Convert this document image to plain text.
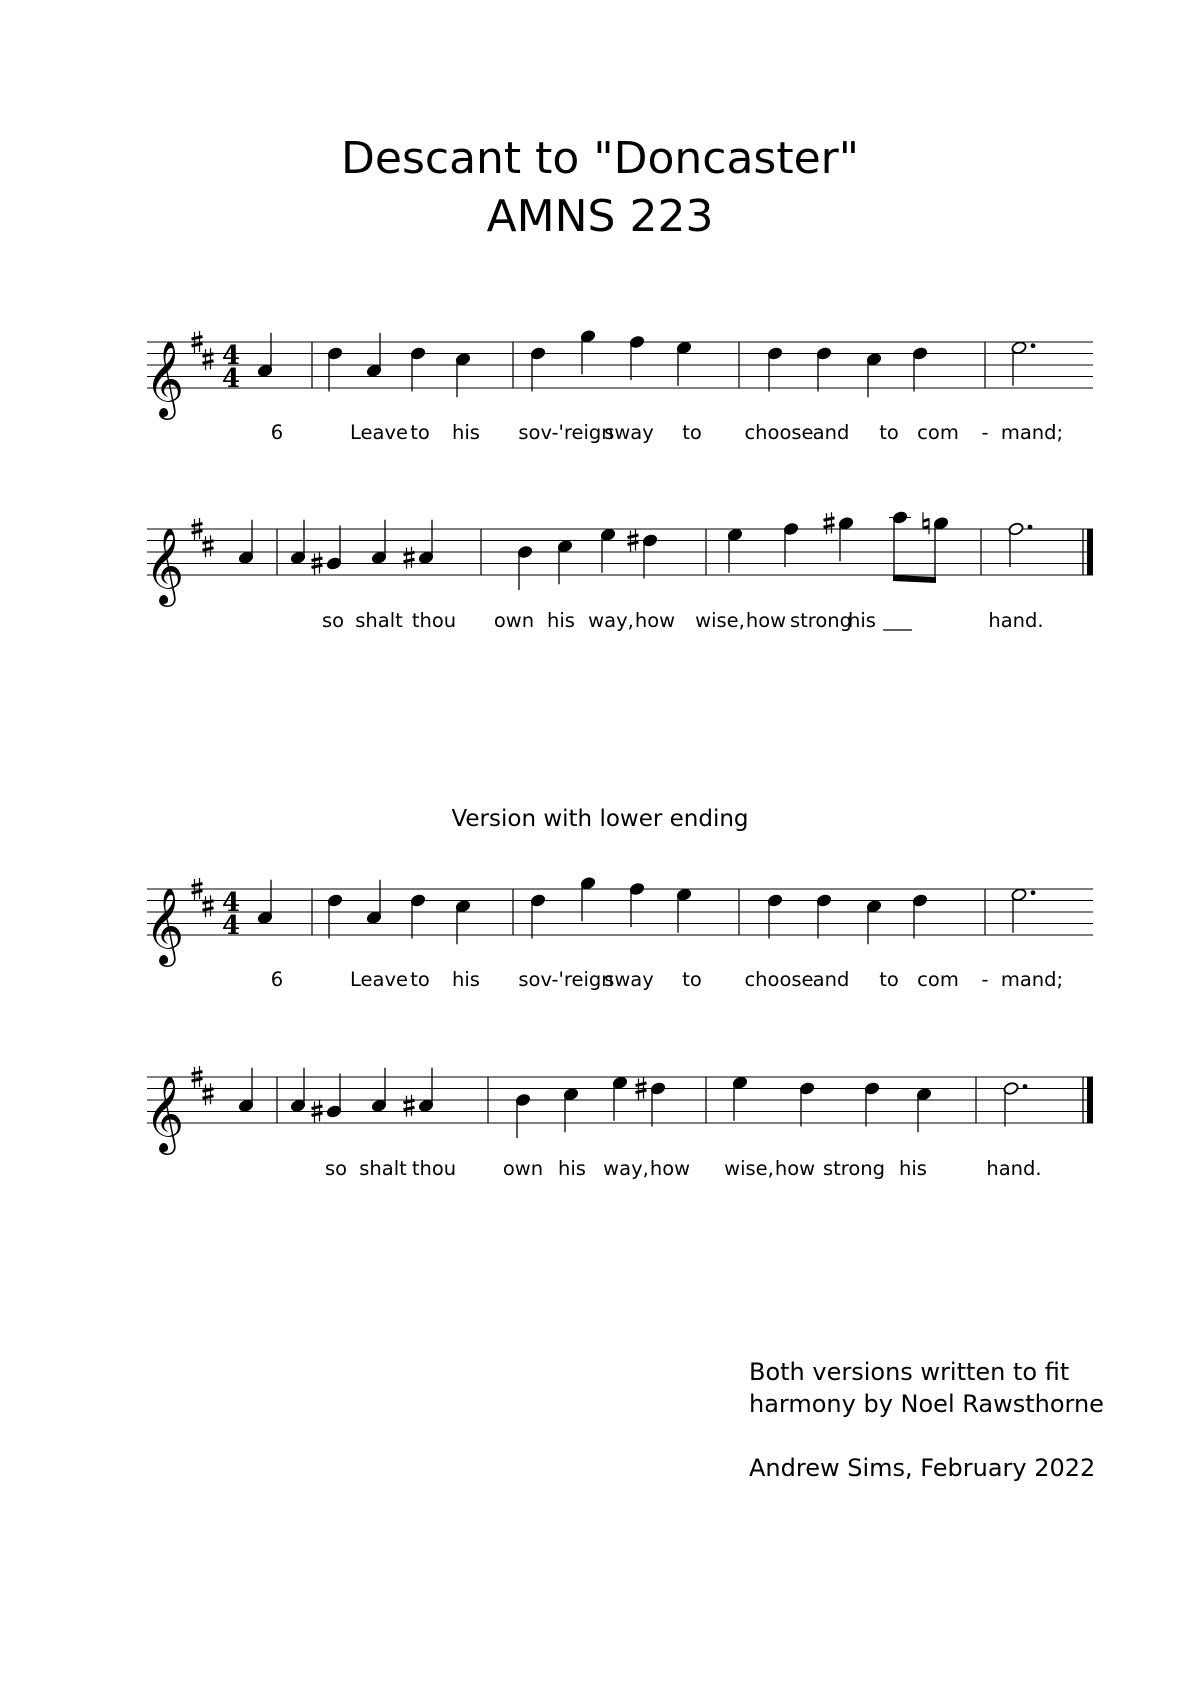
Descant to "Doncaster"
AMNS 223
Version with lower ending
𝄞 4
4
6	Leave to his sov-'reign
sway to choose and to com - mand;
𝄞
so shalt thou own his way, how wise, how strong
his	hand.
𝄞 4
4
6	Leave to his sov-'reign
sway to choose and to com - mand;
𝄞
so shalt thou own his way, how wise, how strong his	hand.
Both versions written to fit
harmony by Noel Rawsthorne
Andrew Sims, February 2022
